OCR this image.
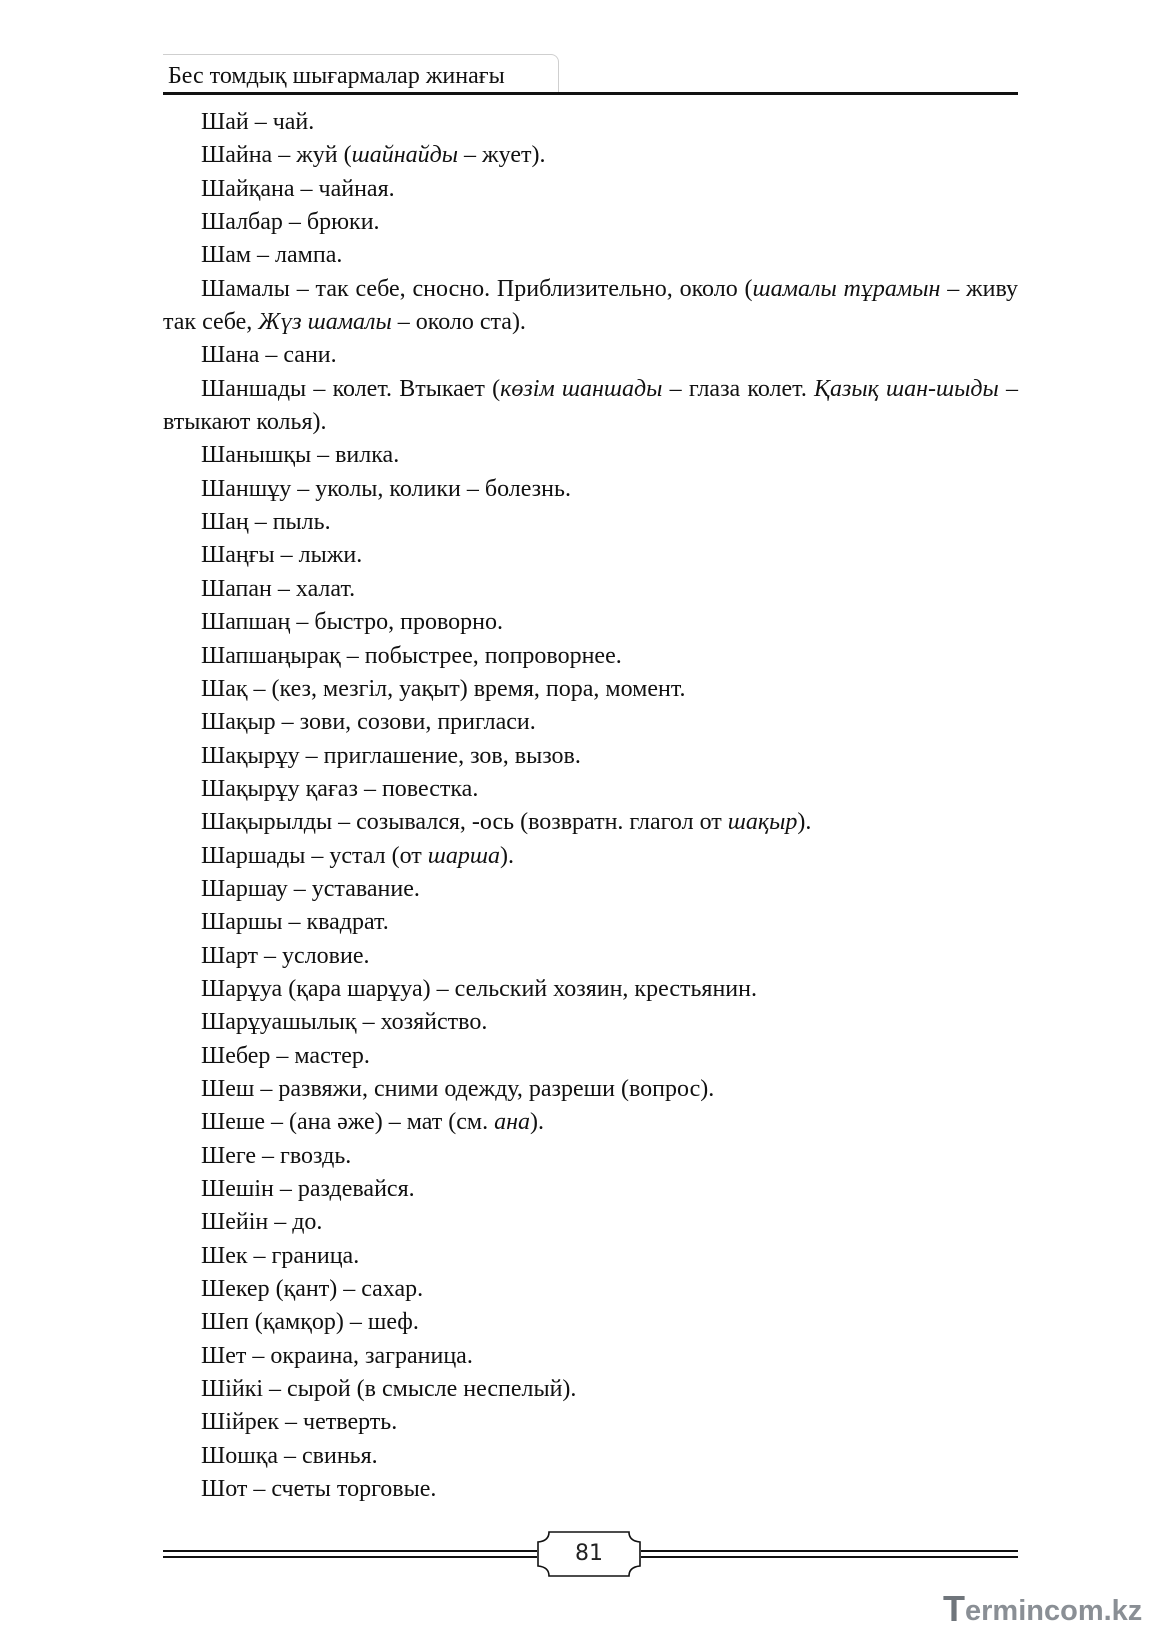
Бес томдық шығармалар жинағы

Шай – чай.

Шайна – жуй (шайнайды – жует).

Шайқана – чайная.

Шалбар – брюки.

Шам – лампа.

Шамалы – так себе, сносно. Приблизительно, около (шамалы тұрамын – живу так себе, Жүз шамалы – около ста).

Шана – сани.

Шаншады – колет. Втыкает (көзім шаншады – глаза колет. Қазық шан-шыды – втыкают колья).

Шанышқы – вилка.

Шаншұу – уколы, колики – болезнь.

Шаң – пыль.

Шаңғы – лыжи.

Шапан – халат.

Шапшаң – быстро, проворно.

Шапшаңырақ – побыстрее, попроворнее.

Шақ – (кез, мезгіл, уақыт) время, пора, момент.

Шақыр – зови, созови, пригласи.

Шақырұу – приглашение, зов, вызов.

Шақырұу қағаз – повестка.

Шақырылды – созывался, -ось (возвратн. глагол от шақыр).

Шаршады – устал (от шарша).

Шаршау – уставание.

Шаршы – квадрат.

Шарт – условие.

Шарұуа (қара шарұуа) – сельский хозяин, крестьянин.

Шарұуашылық – хозяйство.

Шебер – мастер.

Шеш – развяжи, сними одежду, разреши (вопрос).

Шеше – (ана әже) – мат (см. ана).

Шеге – гвоздь.

Шешін – раздевайся.

Шейін – до.

Шек – граница.

Шекер (қант) – сахар.

Шеп (қамқор) – шеф.

Шет – окраина, заграница.

Шійкі – сырой (в смысле неспелый).

Шійрек – четверть.

Шошқа – свинья.

Шот – счеты торговые.

81
T ermincom.kz
